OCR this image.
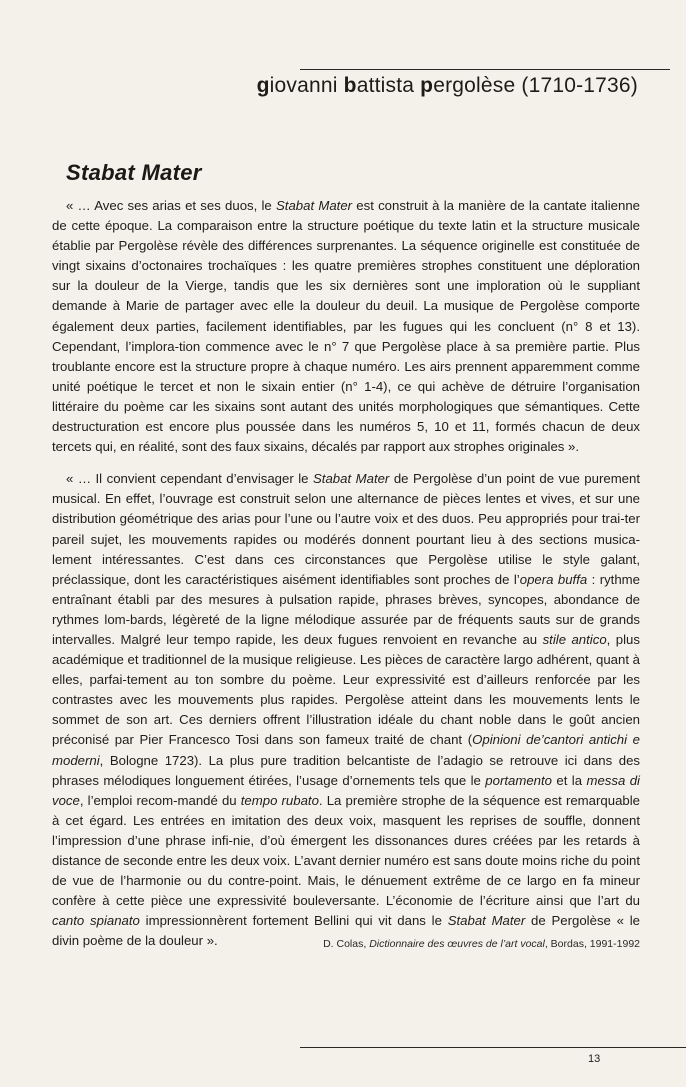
giovanni battista pergolèse (1710-1736)
Stabat Mater

« … Avec ses arias et ses duos, le Stabat Mater est construit à la manière de la cantate italienne de cette époque. La comparaison entre la structure poétique du texte latin et la structure musicale établie par Pergolèse révèle des différences surprenantes. La séquence originelle est constituée de vingt sixains d’octonaires trochaïques : les quatre premières strophes constituent une déploration sur la douleur de la Vierge, tandis que les six dernières sont une imploration où le suppliant demande à Marie de partager avec elle la douleur du deuil. La musique de Pergolèse comporte également deux parties, facilement identifiables, par les fugues qui les concluent (n° 8 et 13). Cependant, l’implora-tion commence avec le n° 7 que Pergolèse place à sa première partie. Plus troublante encore est la structure propre à chaque numéro. Les airs prennent apparemment comme unité poétique le tercet et non le sixain entier (n° 1-4), ce qui achève de détruire l’organisation littéraire du poème car les sixains sont autant des unités morphologiques que sémantiques. Cette destructuration est encore plus poussée dans les numéros 5, 10 et 11, formés chacun de deux tercets qui, en réalité, sont des faux sixains, décalés par rapport aux strophes originales ».

« … Il convient cependant d’envisager le Stabat Mater de Pergolèse d’un point de vue purement musical. En effet, l’ouvrage est construit selon une alternance de pièces lentes et vives, et sur une distribution géométrique des arias pour l’une ou l’autre voix et des duos. Peu appropriés pour trai-ter pareil sujet, les mouvements rapides ou modérés donnent pourtant lieu à des sections musica-lement intéressantes. C’est dans ces circonstances que Pergolèse utilise le style galant, préclassique, dont les caractéristiques aisément identifiables sont proches de l’opera buffa : rythme entraînant établi par des mesures à pulsation rapide, phrases brèves, syncopes, abondance de rythmes lom-bards, légèreté de la ligne mélodique assurée par de fréquents sauts sur de grands intervalles. Malgré leur tempo rapide, les deux fugues renvoient en revanche au stile antico, plus académique et traditionnel de la musique religieuse. Les pièces de caractère largo adhérent, quant à elles, parfai-tement au ton sombre du poème. Leur expressivité est d’ailleurs renforcée par les contrastes avec les mouvements plus rapides. Pergolèse atteint dans les mouvements lents le sommet de son art. Ces derniers offrent l’illustration idéale du chant noble dans le goût ancien préconisé par Pier Francesco Tosi dans son fameux traité de chant (Opinioni de’cantori antichi e moderni, Bologne 1723). La plus pure tradition belcantiste de l’adagio se retrouve ici dans des phrases mélodiques longuement étirées, l’usage d’ornements tels que le portamento et la messa di voce, l’emploi recom-mandé du tempo rubato. La première strophe de la séquence est remarquable à cet égard. Les entrées en imitation des deux voix, masquent les reprises de souffle, donnent l’impression d’une phrase infi-nie, d’où émergent les dissonances dures créées par les retards à distance de seconde entre les deux voix. L’avant dernier numéro est sans doute moins riche du point de vue de l’harmonie ou du contre-point. Mais, le dénuement extrême de ce largo en fa mineur confère à cette pièce une expressivité bouleversante. L’économie de l’écriture ainsi que l’art du canto spianato impressionnèrent fortement Bellini qui vit dans le Stabat Mater de Pergolèse « le divin poème de la douleur ».	D. Colas, Dictionnaire des œuvres de l’art vocal, Bordas, 1991-1992
13
